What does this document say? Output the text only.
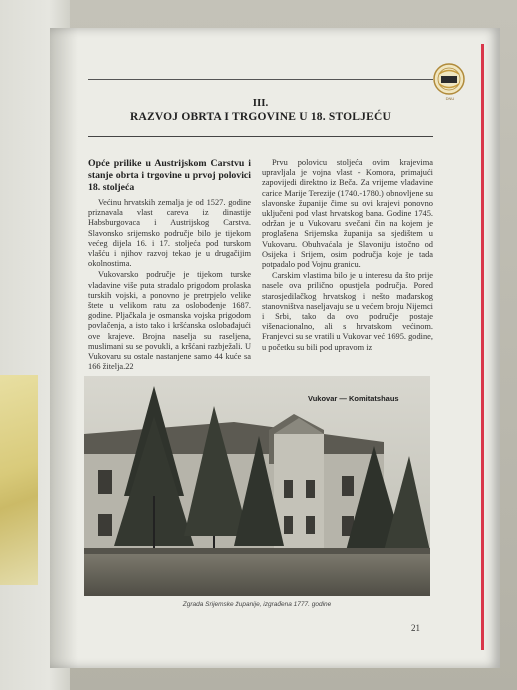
DNU
III.
RAZVOJ OBRTA I TRGOVINE U 18. STOLJEĆU
Opće prilike u Austrijskom Carstvu i stanje obrta i trgovine u prvoj polovici 18. stoljeća

Većinu hrvatskih zemalja je od 1527. godine priznavala vlast careva iz dinastije Habsburgovaca i Austrijskog Carstva. Slavonsko srijemsko područje bilo je tijekom većeg dijela 16. i 17. stoljeća pod turskom vlašću i njihov razvoj tekao je u drugačijim okolnostima.

Vukovarsko područje je tijekom turske vladavine više puta stradalo prigodom prolaska turskih vojski, a ponovno je pretrpjelo velike štete u velikom ratu za oslobođenje 1687. godine. Pljačkala je osmanska vojska prigodom povlačenja, a isto tako i kršćanska oslobađajući ove krajeve. Brojna naselja su raseljena, muslimani su se povukli, a kršćani razbježali. U Vukovaru su ostale nastanjene samo 44 kuće sa 166 žitelja.22

Prvu polovicu stoljeća ovim krajevima upravljala je vojna vlast - Komora, primajući zapovijedi direktno iz Beča. Za vrijeme vladavine carice Marije Terezije (1740.-1780.) obnovljene su slavonske županije čime su ovi krajevi ponovno uključeni pod vlast hrvatskog bana. Godine 1745. održan je u Vukovaru svečani čin na kojem je proglašena Srijemska županija sa sjedištem u Vukovaru. Obuhvaćala je Slavoniju istočno od Osijeka i Srijem, osim područja koje je tada potpadalo pod Vojnu granicu.

Carskim vlastima bilo je u interesu da što prije nasele ova prilično opustjela područja. Pored starosjedilačkog hrvatskog i nešto mađarskog stanovništva naseljavaju se u većem broju Nijemci i Srbi, tako da ovo područje postaje višenacionalno, ali s hrvatskom većinom. Franjevci su se vratili u Vukovar već 1695. godine, u početku su bili pod upravom iz

Vukovar — Komitatshaus
Zgrada Srijemske županije, izgrađena 1777. godine
21
